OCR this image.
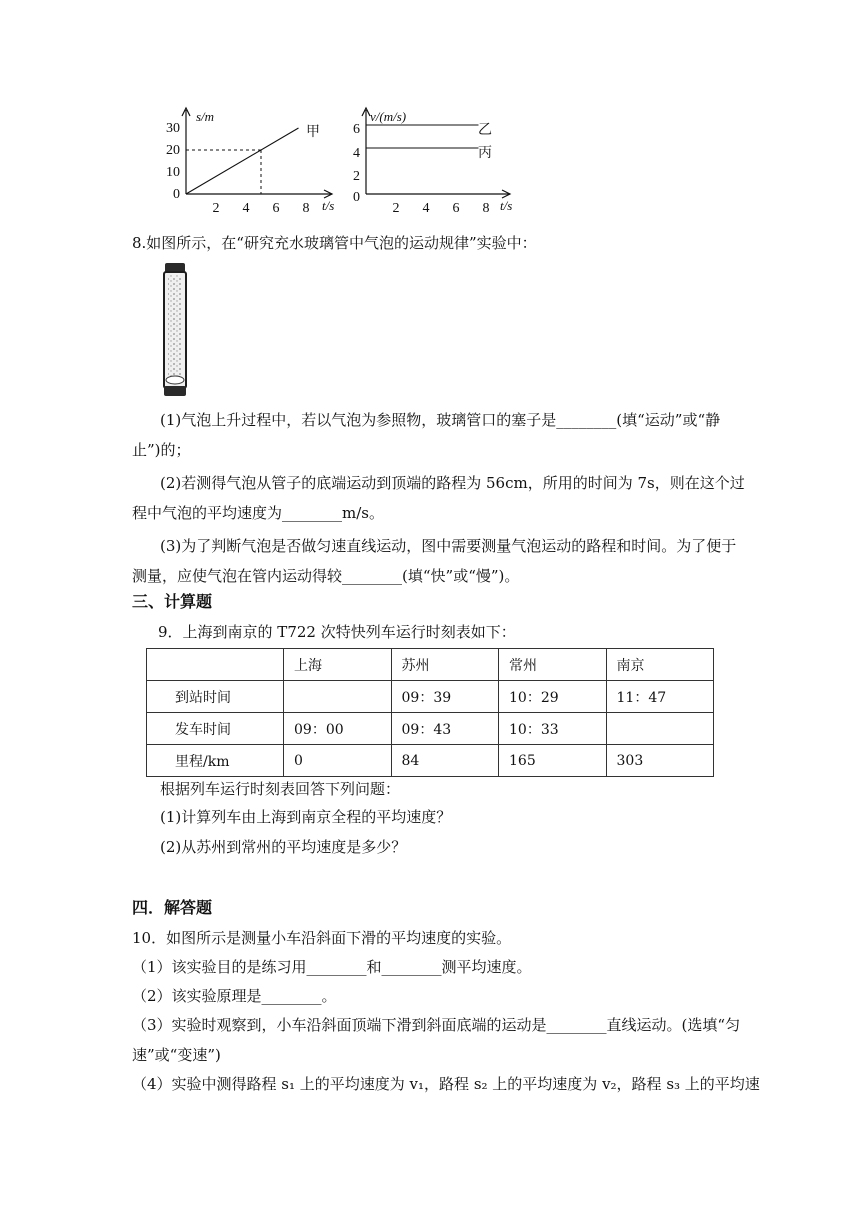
s/m
t/s
30
20
10
0
2 4 6 8
甲
v/(m/s)
t/s
6
4
2
0
2 4 6 8
乙
丙
8.如图所示，在“研究充水玻璃管中气泡的运动规律”实验中：
(1)气泡上升过程中，若以气泡为参照物，玻璃管口的塞子是________(填“运动”或“静
止”)的；
(2)若测得气泡从管子的底端运动到顶端的路程为 56cm，所用的时间为 7s，则在这个过
程中气泡的平均速度为________m/s。
(3)为了判断气泡是否做匀速直线运动，图中需要测量气泡运动的路程和时间。为了便于
测量，应使气泡在管内运动得较________(填“快”或“慢”)。
三、计算题
9．上海到南京的 T722 次特快列车运行时刻表如下：
	上海	苏州	常州	南京
到站时间		09：39	10：29	11：47
发车时间	09：00	09：43	10：33	
里程/km	0	84	165	303
根据列车运行时刻表回答下列问题：
(1)计算列车由上海到南京全程的平均速度？
(2)从苏州到常州的平均速度是多少？
四．解答题
10．如图所示是测量小车沿斜面下滑的平均速度的实验。
（1）该实验目的是练习用________和________测平均速度。
（2）该实验原理是________。
（3）实验时观察到，小车沿斜面顶端下滑到斜面底端的运动是________直线运动。(选填“匀
速”或“变速”)
（4）实验中测得路程 s₁ 上的平均速度为 v₁，路程 s₂ 上的平均速度为 v₂，路程 s₃ 上的平均速
